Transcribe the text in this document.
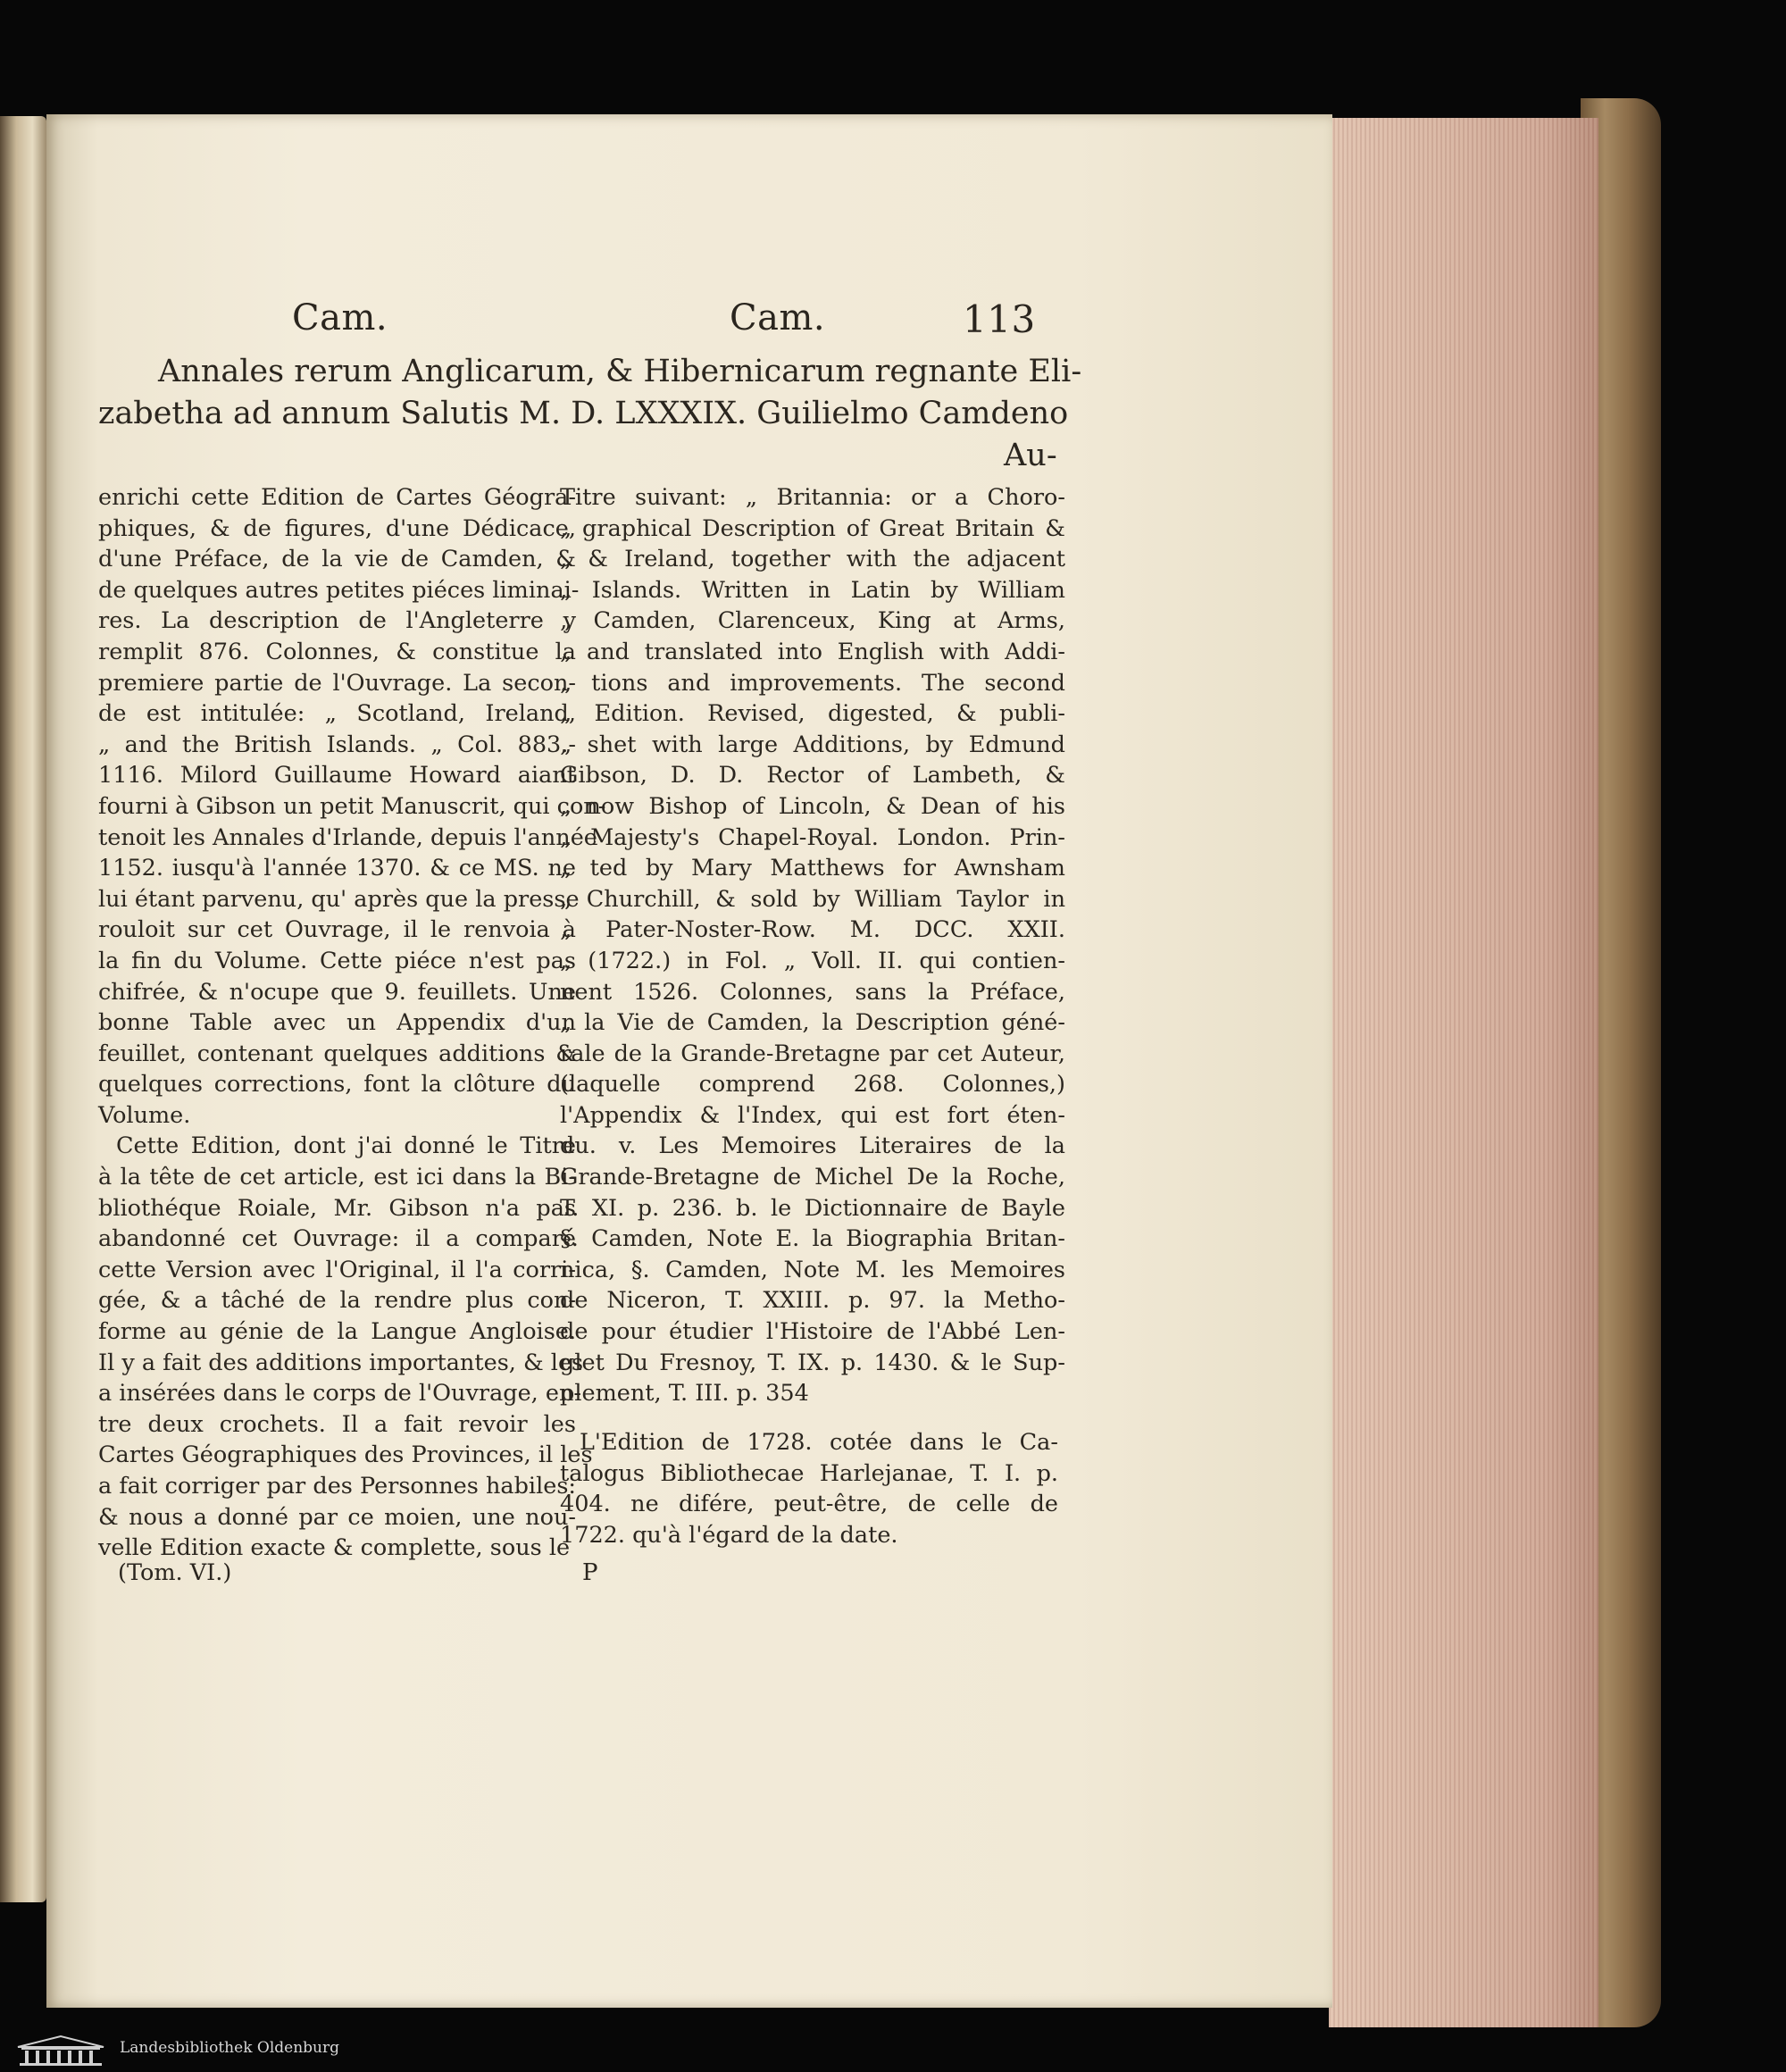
Cam.	Cam.	113
Annales rerum Anglicarum, & Hibernicarum regnante Eli-
zabetha ad annum Salutis M. D. LXXXIX. Guilielmo Camdeno
Au-
enrichi cette Edition de Cartes Géogra-
phiques, & de figures, d'une Dédicace,
d'une Préface, de la vie de Camden, &
de quelques autres petites piéces liminai-
res. La description de l'Angleterre y
remplit 876. Colonnes, & constitue la
premiere partie de l'Ouvrage. La secon-
de est intitulée: „ Scotland, Ireland,
„ and the British Islands. „ Col. 883.-
1116. Milord Guillaume Howard aiant
fourni à Gibson un petit Manuscrit, qui con-
tenoit les Annales d'Irlande, depuis l'année
1152. iusqu'à l'année 1370. & ce MS. ne
lui étant parvenu, qu' après que la presse
rouloit sur cet Ouvrage, il le renvoia à
la fin du Volume. Cette piéce n'est pas
chifrée, & n'ocupe que 9. feuillets. Une
bonne Table avec un Appendix d'un
feuillet, contenant quelques additions &
quelques corrections, font la clôture du
Volume.
Cette Edition, dont j'ai donné le Titre
à la tête de cet article, est ici dans la Bi-
bliothéque Roiale, Mr. Gibson n'a pas
abandonné cet Ouvrage: il a comparé
cette Version avec l'Original, il l'a corri-
gée, & a tâché de la rendre plus con-
forme au génie de la Langue Angloise.
Il y a fait des additions importantes, & les
a insérées dans le corps de l'Ouvrage, en-
tre deux crochets. Il a fait revoir les
Cartes Géographiques des Provinces, il les
a fait corriger par des Personnes habiles:
& nous a donné par ce moien, une nou-
velle Edition exacte & complette, sous le
(Tom. VI.)
Titre suivant: „ Britannia: or a Choro-
„ graphical Description of Great Britain &
„ & Ireland, together with the adjacent
„ Islands. Written in Latin by William
„ Camden, Clarenceux, King at Arms,
„ and translated into English with Addi-
„ tions and improvements. The second
„ Edition. Revised, digested, & publi-
„ shet with large Additions, by Edmund
Gibson, D. D. Rector of Lambeth, &
„ now Bishop of Lincoln, & Dean of his
„ Majesty's Chapel-Royal. London. Prin-
„ ted by Mary Matthews for Awnsham
„ Churchill, & sold by William Taylor in
„ Pater-Noster-Row. M. DCC. XXII.
„ (1722.) in Fol. „ Voll. II. qui contien-
nent 1526. Colonnes, sans la Préface,
„ la Vie de Camden, la Description géné-
rale de la Grande-Bretagne par cet Auteur,
(laquelle comprend 268. Colonnes,)
l'Appendix & l'Index, qui est fort éten-
du. v. Les Memoires Literaires de la
Grande-Bretagne de Michel De la Roche,
T. XI. p. 236. b. le Dictionnaire de Bayle
§. Camden, Note E. la Biographia Britan-
nica, §. Camden, Note M. les Memoires
de Niceron, T. XXIII. p. 97. la Metho-
de pour étudier l'Histoire de l'Abbé Len-
glet Du Fresnoy, T. IX. p. 1430. & le Sup-
plement, T. III. p. 354
L'Edition de 1728. cotée dans le Ca-
talogus Bibliothecae Harlejanae, T. I. p.
404. ne difére, peut-être, de celle de
1722. qu'à l'égard de la date.
P
Landesbibliothek Oldenburg
